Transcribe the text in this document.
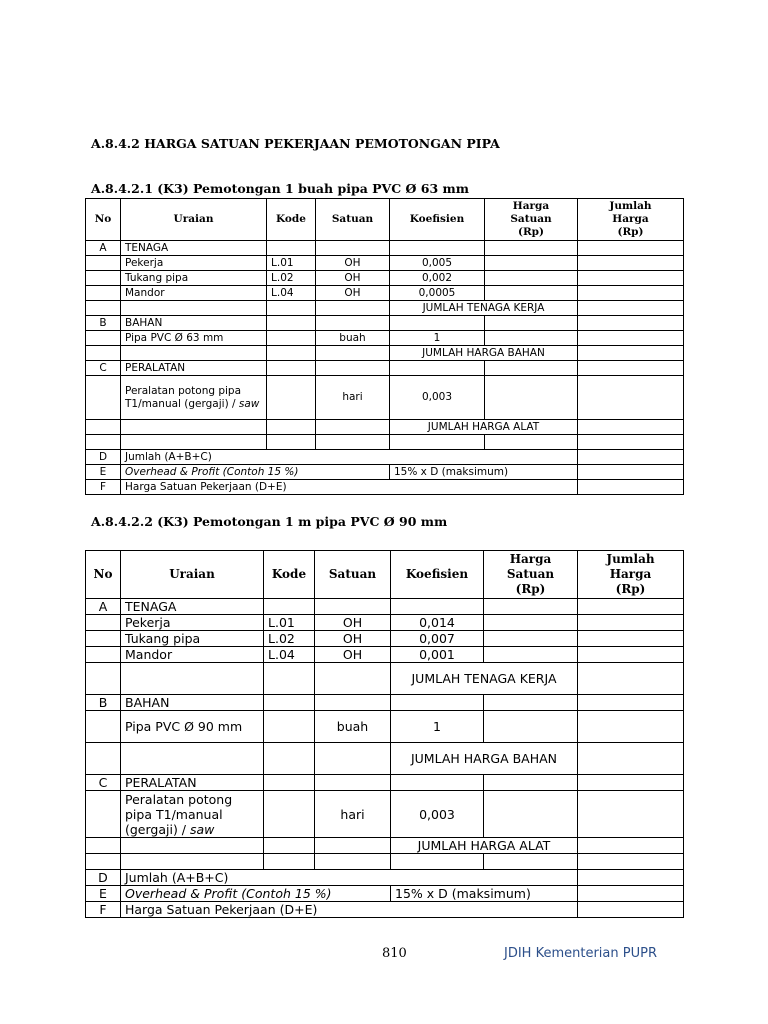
A.8.4.2 HARGA SATUAN PEKERJAAN PEMOTONGAN PIPA
A.8.4.2.1 (K3) Pemotongan 1 buah pipa PVC Ø 63 mm
No	Uraian	Kode	Satuan	Koefisien	Harga
Satuan
(Rp)	Jumlah
Harga
(Rp)
A	TENAGA					
	Pekerja	L.01	OH	0,005		
	Tukang pipa	L.02	OH	0,002		
	Mandor	L.04	OH	0,0005		
				JUMLAH TENAGA KERJA		
B	BAHAN					
	Pipa PVC Ø 63 mm		buah	1		
				JUMLAH HARGA BAHAN		
C	PERALATAN					
	Peralatan potong pipa T1/manual (gergaji) / saw		hari	0,003		
				JUMLAH HARGA ALAT		

D	Jumlah (A+B+C)					
E	Overhead & Profit (Contoh 15 %)			15% x D (maksimum)		
F	Harga Satuan Pekerjaan (D+E)					
A.8.4.2.2 (K3) Pemotongan 1 m pipa PVC Ø 90 mm
No	Uraian	Kode	Satuan	Koefisien	Harga
Satuan
(Rp)	Jumlah
Harga
(Rp)
A	TENAGA					
	Pekerja	L.01	OH	0,014		
	Tukang pipa	L.02	OH	0,007		
	Mandor	L.04	OH	0,001		
				JUMLAH TENAGA KERJA		
B	BAHAN					
	Pipa PVC Ø 90 mm		buah	1		
				JUMLAH HARGA BAHAN		
C	PERALATAN					
	Peralatan potong pipa T1/manual (gergaji) / saw		hari	0,003		
				JUMLAH HARGA ALAT		

D	Jumlah (A+B+C)					
E	Overhead & Profit (Contoh 15 %)			15% x D (maksimum)		
F	Harga Satuan Pekerjaan (D+E)					
810	JDIH Kementerian PUPR
